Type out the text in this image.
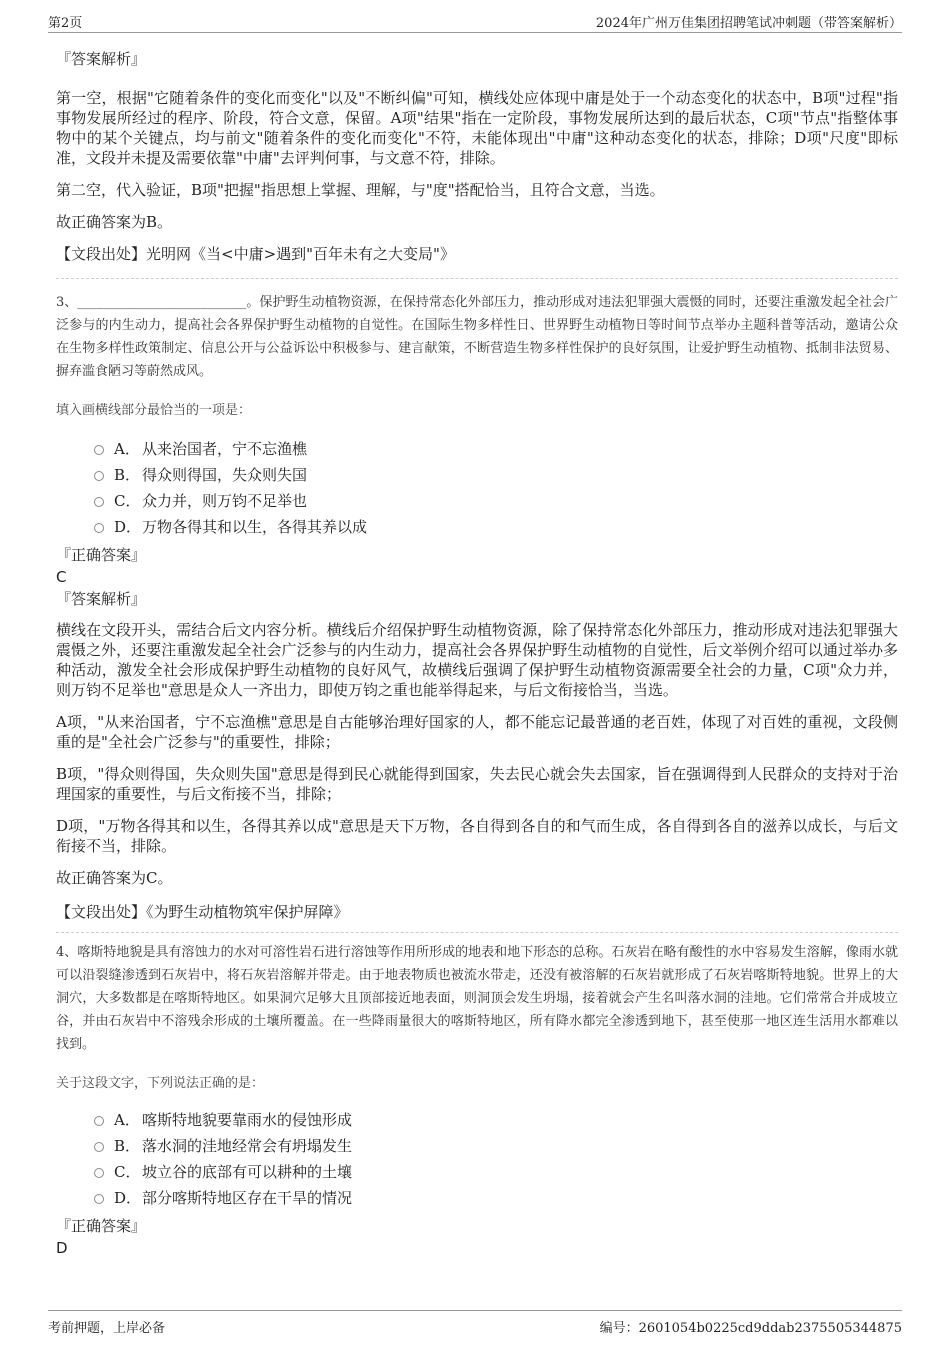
第2页	2024年广州万佳集团招聘笔试冲刺题（带答案解析）

『答案解析』

第一空，根据"它随着条件的变化而变化"以及"不断纠偏"可知，横线处应体现中庸是处于一个动态变化的状态中，B项"过程"指事物发展所经过的程序、阶段，符合文意，保留。A项"结果"指在一定阶段，事物发展所达到的最后状态，C项"节点"指整体事物中的某个关键点，均与前文"随着条件的变化而变化"不符，未能体现出"中庸"这种动态变化的状态，排除；D项"尺度"即标准，文段并未提及需要依靠"中庸"去评判何事，与文意不符，排除。

第二空，代入验证，B项"把握"指思想上掌握、理解，与"度"搭配恰当，且符合文意，当选。

故正确答案为B。

【文段出处】光明网《当<中庸>遇到"百年未有之大变局"》

3、__________________________。保护野生动植物资源，在保持常态化外部压力，推动形成对违法犯罪强大震慑的同时，还要注重激发起全社会广泛参与的内生动力，提高社会各界保护野生动植物的自觉性。在国际生物多样性日、世界野生动植物日等时间节点举办主题科普等活动，邀请公众在生物多样性政策制定、信息公开与公益诉讼中积极参与、建言献策，不断营造生物多样性保护的良好氛围，让爱护野生动植物、抵制非法贸易、摒弃滥食陋习等蔚然成风。

填入画横线部分最恰当的一项是：

A． 从来治国者，宁不忘渔樵
B． 得众则得国，失众则失国
C． 众力并，则万钧不足举也
D． 万物各得其和以生，各得其养以成

『正确答案』

C

『答案解析』

横线在文段开头，需结合后文内容分析。横线后介绍保护野生动植物资源，除了保持常态化外部压力，推动形成对违法犯罪强大震慑之外，还要注重激发起全社会广泛参与的内生动力，提高社会各界保护野生动植物的自觉性，后文举例介绍可以通过举办多种活动，激发全社会形成保护野生动植物的良好风气，故横线后强调了保护野生动植物资源需要全社会的力量，C项"众力并，则万钧不足举也"意思是众人一齐出力，即使万钧之重也能举得起来，与后文衔接恰当，当选。

A项，"从来治国者，宁不忘渔樵"意思是自古能够治理好国家的人，都不能忘记最普通的老百姓，体现了对百姓的重视，文段侧重的是"全社会广泛参与"的重要性，排除；

B项，"得众则得国，失众则失国"意思是得到民心就能得到国家，失去民心就会失去国家，旨在强调得到人民群众的支持对于治理国家的重要性，与后文衔接不当，排除；

D项，"万物各得其和以生，各得其养以成"意思是天下万物，各自得到各自的和气而生成，各自得到各自的滋养以成长，与后文衔接不当，排除。

故正确答案为C。

【文段出处】《为野生动植物筑牢保护屏障》

4、喀斯特地貌是具有溶蚀力的水对可溶性岩石进行溶蚀等作用所形成的地表和地下形态的总称。石灰岩在略有酸性的水中容易发生溶解，像雨水就可以沿裂缝渗透到石灰岩中，将石灰岩溶解并带走。由于地表物质也被流水带走，还没有被溶解的石灰岩就形成了石灰岩喀斯特地貌。世界上的大洞穴，大多数都是在喀斯特地区。如果洞穴足够大且顶部接近地表面，则洞顶会发生坍塌，接着就会产生名叫落水洞的洼地。它们常常合并成坡立谷，并由石灰岩中不溶残余形成的土壤所覆盖。在一些降雨量很大的喀斯特地区，所有降水都完全渗透到地下，甚至使那一地区连生活用水都难以找到。

关于这段文字，下列说法正确的是：

A． 喀斯特地貌要靠雨水的侵蚀形成
B． 落水洞的洼地经常会有坍塌发生
C． 坡立谷的底部有可以耕种的土壤
D． 部分喀斯特地区存在干旱的情况

『正确答案』

D

考前押题，上岸必备	编号：2601054b0225cd9ddab2375505344875
